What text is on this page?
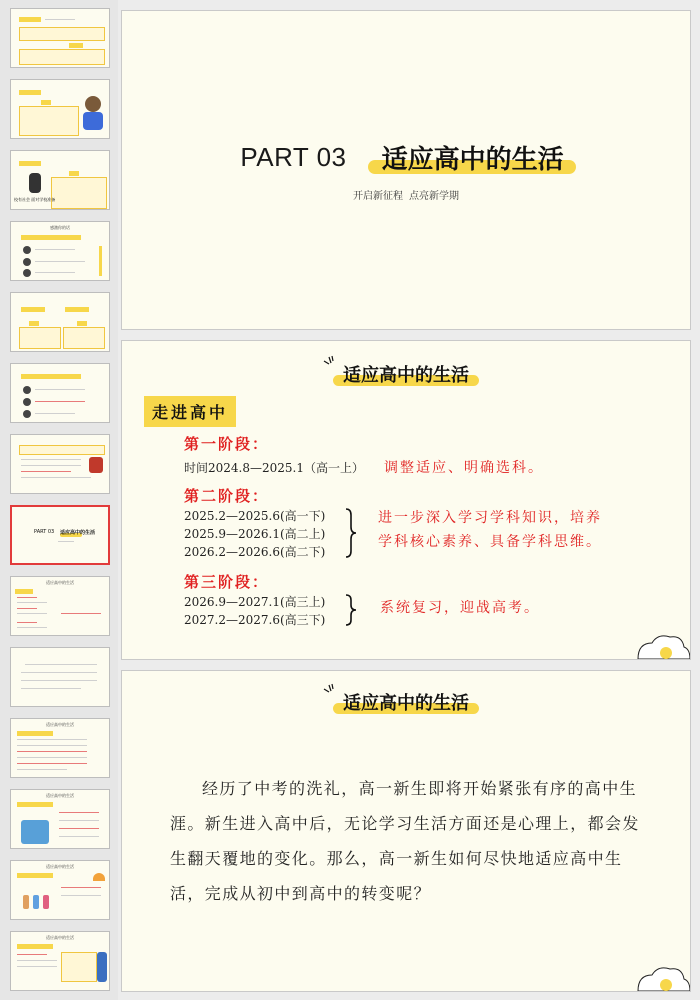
校有社会 面对学校准备
感激你的话
PART 03 适应高中的生活
适应高中的生活
适应高中的生活
适应高中的生活
适应高中的生活
适应高中的生活
PART 03 适应高中的生活
开启新征程 点亮新学期
适应高中的生活
走进高中
第一阶段：
时间2024.8—2025.1（高一上） 调整适应、明确选科。
第二阶段：
2025.2—2025.6(高一下)
2025.9—2026.1(高二上)
2026.2—2026.6(高二下)
进一步深入学习学科知识，培养
学科核心素养、具备学科思维。
第三阶段：
2026.9—2027.1(高三上)
2027.2—2027.6(高三下)
系统复习，迎战高考。
适应高中的生活
经历了中考的洗礼，高一新生即将开始紧张有序的高中生涯。新生进入高中后，无论学习生活方面还是心理上，都会发生翻天覆地的变化。那么，高一新生如何尽快地适应高中生活，完成从初中到高中的转变呢？
